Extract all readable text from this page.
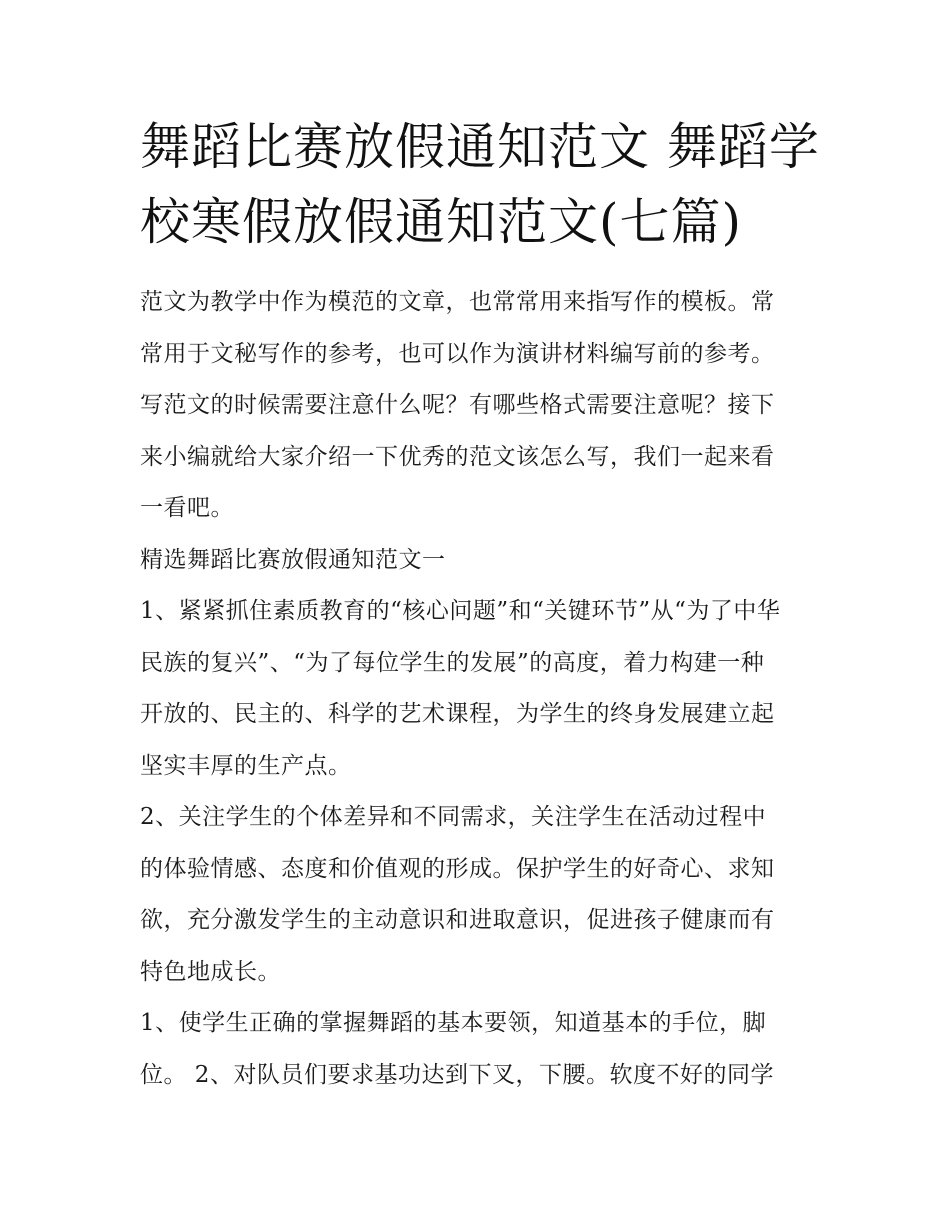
舞蹈比赛放假通知范文 舞蹈学
校寒假放假通知范文(七篇)
范文为教学中作为模范的文章，也常常用来指写作的模板。常
常用于文秘写作的参考，也可以作为演讲材料编写前的参考。
写范文的时候需要注意什么呢？有哪些格式需要注意呢？接下
来小编就给大家介绍一下优秀的范文该怎么写，我们一起来看
一看吧。
精选舞蹈比赛放假通知范文一
1、紧紧抓住素质教育的“核心问题”和“关键环节”从“为了中华
民族的复兴”、“为了每位学生的发展”的高度，着力构建一种
开放的、民主的、科学的艺术课程，为学生的终身发展建立起
坚实丰厚的生产点。
2、关注学生的个体差异和不同需求，关注学生在活动过程中
的体验情感、态度和价值观的形成。保护学生的好奇心、求知
欲，充分激发学生的主动意识和进取意识，促进孩子健康而有
特色地成长。
1、使学生正确的掌握舞蹈的基本要领，知道基本的手位，脚
位。 2、对队员们要求基功达到下叉，下腰。软度不好的同学
